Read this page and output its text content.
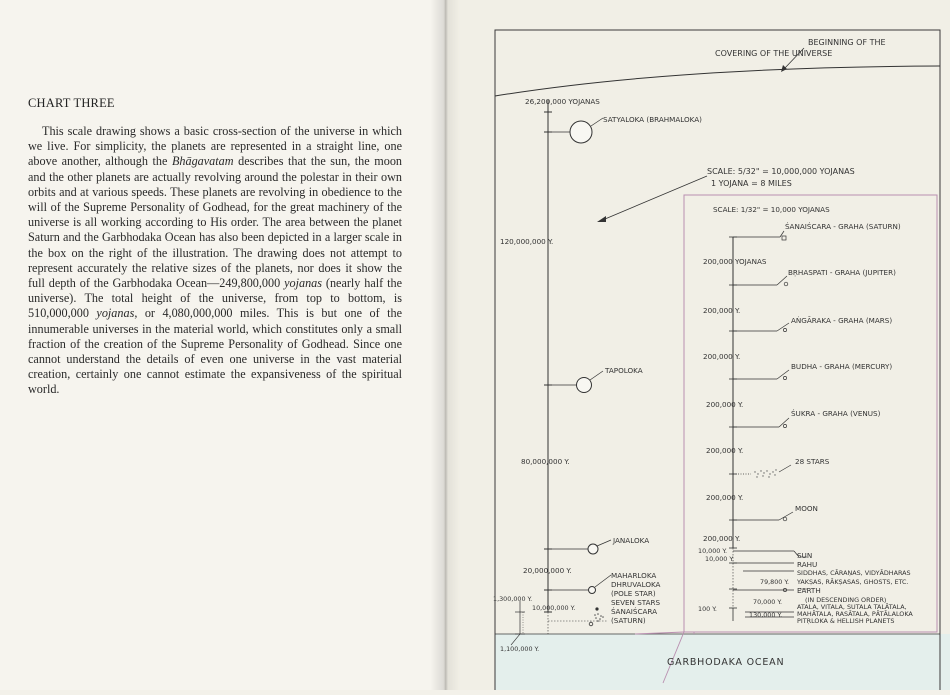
CHART THREE

This scale drawing shows a basic cross-section of the universe in which we live. For simplicity, the planets are represented in a straight line, one above another, although the Bhāgavatam describes that the sun, the moon and the other planets are actually revolving around the polestar in their own orbits and at various speeds. These planets are revolving in obedience to the will of the Supreme Personality of Godhead, for the great machinery of the universe is all working according to His order. The area between the planet Saturn and the Garbhodaka Ocean has also been depicted in a larger scale in the box on the right of the illustration. The drawing does not attempt to represent accurately the relative sizes of the planets, nor does it show the full depth of the Garbhodaka Ocean—249,800,000 yojanas (nearly half the universe). The total height of the universe, from top to bottom, is 510,000,000 yojanas, or 4,080,000,000 miles. This is but one of the innumerable universes in the material world, which constitutes only a small fraction of the creation of the Supreme Personality of Godhead. Since one cannot understand the details of even one universe in the vast material creation, certainly one cannot estimate the expansiveness of the spiritual world.

BEGINNING OF THE
COVERING OF THE UNIVERSE
26,200,000 YOJANAS
120,000,000 Y.
80,000,000 Y.
20,000,000 Y.
1,300,000 Y.
10,000,000 Y.
1,100,000 Y.
SATYALOKA (BRAHMALOKA)
TAPOLOKA
JANALOKA
MAHARLOKA
DHRUVALOKA
(POLE STAR)
SEVEN STARS
ŚANAIŚCARA
(SATURN)
SCALE: 5/32" = 10,000,000 YOJANAS
1 YOJANA = 8 MILES
SCALE: 1/32" = 10,000 YOJANAS
200,000 YOJANAS
200,000 Y.
200,000 Y.
200,000 Y.
200,000 Y.
200,000 Y.
200,000 Y.
10,000 Y.
10,000 Y.
79,800 Y.
70,000 Y.
100 Y.
130,000 Y.
ŚANAIŚCARA - GRAHA (SATURN)
BṚHASPATI - GRAHA (JUPITER)
AṄGĀRAKA - GRAHA (MARS)
BUDHA - GRAHA (MERCURY)
ŚUKRA - GRAHA (VENUS)
28 STARS
MOON
SUN
RAHU
SIDDHAS, CĀRAṆAS, VIDYĀDHARAS
YAKṢAS, RĀKṢASAS, GHOSTS, ETC.
EARTH
(IN DESCENDING ORDER)
ATALA, VITALA, SUTALA TALĀTALA,
MAHĀTALA, RASĀTALA, PĀTĀLALOKA
PITṚLOKA & HELLISH PLANETS
GARBHODAKA OCEAN
